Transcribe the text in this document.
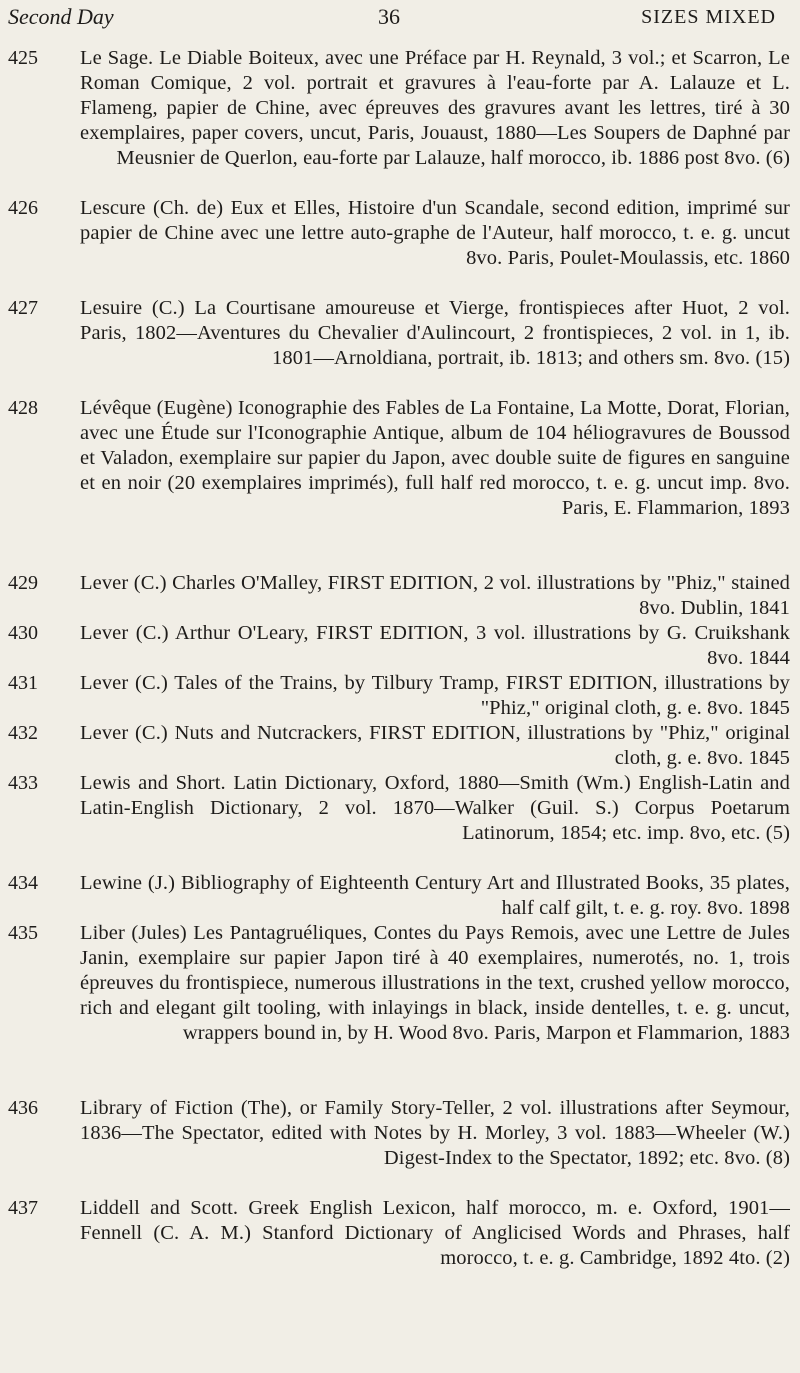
Second Day	36	SIZES MIXED
425	Le Sage. Le Diable Boiteux, avec une Préface par H. Reynald, 3 vol.; et Scarron, Le Roman Comique, 2 vol. portrait et gravures à l'eau-forte par A. Lalauze et L. Flameng, papier de Chine, avec épreuves des gravures avant les lettres, tiré à 30 exemplaires, paper covers, uncut, Paris, Jouaust, 1880—Les Soupers de Daphné par Meusnier de Querlon, eau-forte par Lalauze, half morocco, ib. 1886 post 8vo. (6)
426	Lescure (Ch. de) Eux et Elles, Histoire d'un Scandale, second edition, imprimé sur papier de Chine avec une lettre auto-graphe de l'Auteur, half morocco, t. e. g. uncut 8vo. Paris, Poulet-Moulassis, etc. 1860
427	Lesuire (C.) La Courtisane amoureuse et Vierge, frontispieces after Huot, 2 vol. Paris, 1802—Aventures du Chevalier d'Aulincourt, 2 frontispieces, 2 vol. in 1, ib. 1801—Arnoldiana, portrait, ib. 1813; and others sm. 8vo. (15)
428	Lévêque (Eugène) Iconographie des Fables de La Fontaine, La Motte, Dorat, Florian, avec une Étude sur l'Iconographie Antique, album de 104 héliogravures de Boussod et Valadon, exemplaire sur papier du Japon, avec double suite de figures en sanguine et en noir (20 exemplaires imprimés), full half red morocco, t. e. g. uncut imp. 8vo. Paris, E. Flammarion, 1893
429	Lever (C.) Charles O'Malley, FIRST EDITION, 2 vol. illustrations by "Phiz," stained 8vo. Dublin, 1841
430	Lever (C.) Arthur O'Leary, FIRST EDITION, 3 vol. illustrations by G. Cruikshank 8vo. 1844
431	Lever (C.) Tales of the Trains, by Tilbury Tramp, FIRST EDITION, illustrations by "Phiz," original cloth, g. e. 8vo. 1845
432	Lever (C.) Nuts and Nutcrackers, FIRST EDITION, illustrations by "Phiz," original cloth, g. e. 8vo. 1845
433	Lewis and Short. Latin Dictionary, Oxford, 1880—Smith (Wm.) English-Latin and Latin-English Dictionary, 2 vol. 1870—Walker (Guil. S.) Corpus Poetarum Latinorum, 1854; etc. imp. 8vo, etc. (5)
434	Lewine (J.) Bibliography of Eighteenth Century Art and Illustrated Books, 35 plates, half calf gilt, t. e. g. roy. 8vo. 1898
435	Liber (Jules) Les Pantagruéliques, Contes du Pays Remois, avec une Lettre de Jules Janin, exemplaire sur papier Japon tiré à 40 exemplaires, numerotés, no. 1, trois épreuves du frontispiece, numerous illustrations in the text, crushed yellow morocco, rich and elegant gilt tooling, with inlayings in black, inside dentelles, t. e. g. uncut, wrappers bound in, by H. Wood 8vo. Paris, Marpon et Flammarion, 1883
436	Library of Fiction (The), or Family Story-Teller, 2 vol. illustrations after Seymour, 1836—The Spectator, edited with Notes by H. Morley, 3 vol. 1883—Wheeler (W.) Digest-Index to the Spectator, 1892; etc. 8vo. (8)
437	Liddell and Scott. Greek English Lexicon, half morocco, m. e. Oxford, 1901—Fennell (C. A. M.) Stanford Dictionary of Anglicised Words and Phrases, half morocco, t. e. g. Cambridge, 1892 4to. (2)
